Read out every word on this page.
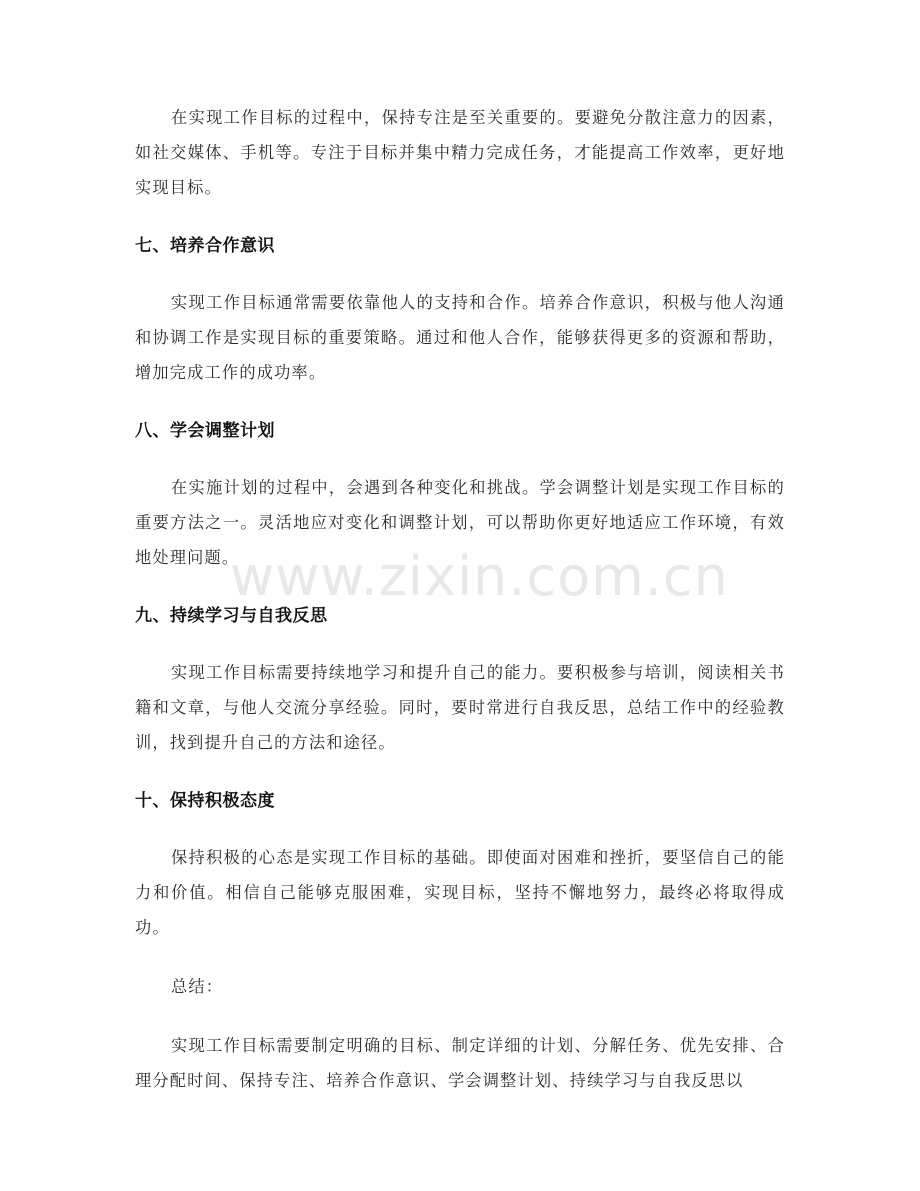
在实现工作目标的过程中，保持专注是至关重要的。要避免分散注意力的因素，如社交媒体、手机等。专注于目标并集中精力完成任务，才能提高工作效率，更好地实现目标。

七、培养合作意识

实现工作目标通常需要依靠他人的支持和合作。培养合作意识，积极与他人沟通和协调工作是实现目标的重要策略。通过和他人合作，能够获得更多的资源和帮助，增加完成工作的成功率。

八、学会调整计划

在实施计划的过程中，会遇到各种变化和挑战。学会调整计划是实现工作目标的重要方法之一。灵活地应对变化和调整计划，可以帮助你更好地适应工作环境，有效地处理问题。

九、持续学习与自我反思

实现工作目标需要持续地学习和提升自己的能力。要积极参与培训，阅读相关书籍和文章，与他人交流分享经验。同时，要时常进行自我反思，总结工作中的经验教训，找到提升自己的方法和途径。

十、保持积极态度

保持积极的心态是实现工作目标的基础。即使面对困难和挫折，要坚信自己的能力和价值。相信自己能够克服困难，实现目标，坚持不懈地努力，最终必将取得成功。

总结：

实现工作目标需要制定明确的目标、制定详细的计划、分解任务、优先安排、合理分配时间、保持专注、培养合作意识、学会调整计划、持续学习与自我反思以

www.zixin.com.cn
